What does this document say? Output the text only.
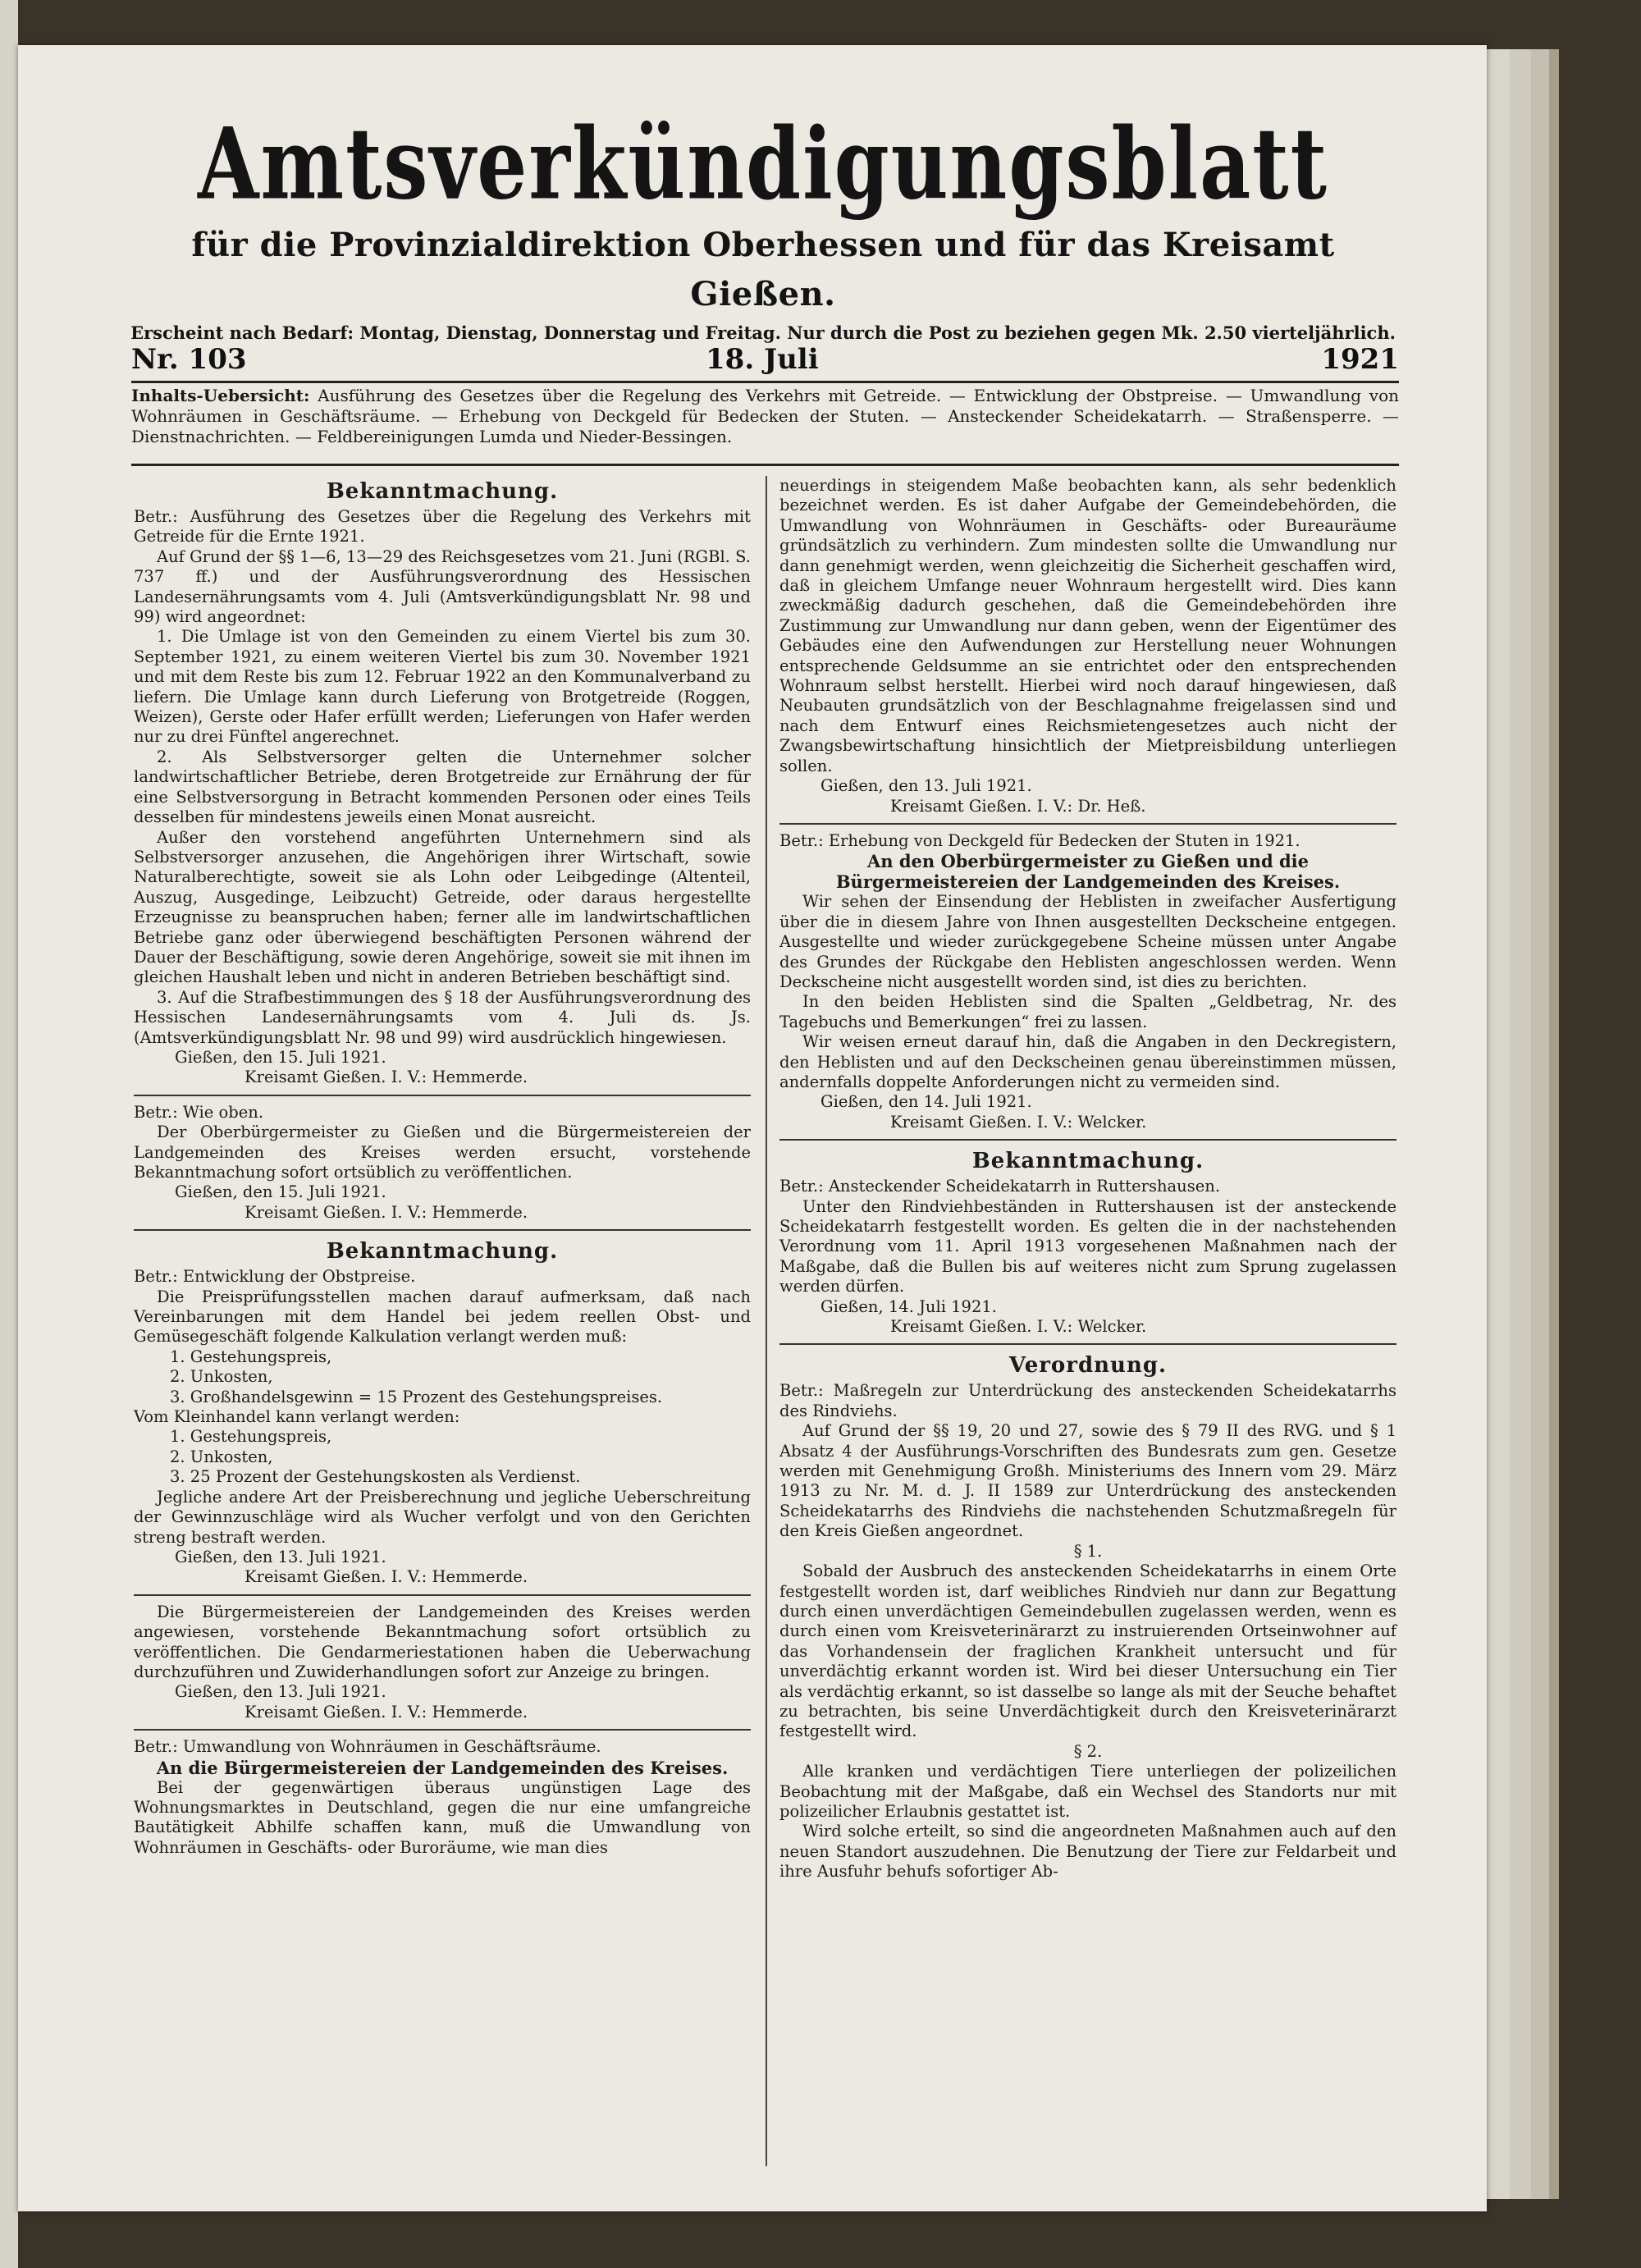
Amtsverkündigungsblatt
für die Provinzialdirektion Oberhessen und für das Kreisamt Gießen.
Erscheint nach Bedarf: Montag, Dienstag, Donnerstag und Freitag. Nur durch die Post zu beziehen gegen Mk. 2.50 vierteljährlich.
Nr. 103	18. Juli	1921
Inhalts-Uebersicht: Ausführung des Gesetzes über die Regelung des Verkehrs mit Getreide. — Entwicklung der Obstpreise. — Umwandlung von Wohnräumen in Geschäftsräume. — Erhebung von Deckgeld für Bedecken der Stuten. — Ansteckender Scheidekatarrh. — Straßensperre. — Dienstnachrichten. — Feldbereinigungen Lumda und Nieder-Bessingen.
Bekanntmachung.

Betr.: Ausführung des Gesetzes über die Regelung des Verkehrs mit Getreide für die Ernte 1921.

Auf Grund der §§ 1—6, 13—29 des Reichsgesetzes vom 21. Juni (RGBl. S. 737 ff.) und der Ausführungsverordnung des Hessischen Landesernährungsamts vom 4. Juli (Amtsverkündigungsblatt Nr. 98 und 99) wird angeordnet:

1. Die Umlage ist von den Gemeinden zu einem Viertel bis zum 30. September 1921, zu einem weiteren Viertel bis zum 30. November 1921 und mit dem Reste bis zum 12. Februar 1922 an den Kommunalverband zu liefern. Die Umlage kann durch Lieferung von Brotgetreide (Roggen, Weizen), Gerste oder Hafer erfüllt werden; Lieferungen von Hafer werden nur zu drei Fünftel angerechnet.

2. Als Selbstversorger gelten die Unternehmer solcher landwirtschaftlicher Betriebe, deren Brotgetreide zur Ernährung der für eine Selbstversorgung in Betracht kommenden Personen oder eines Teils desselben für mindestens jeweils einen Monat ausreicht.

Außer den vorstehend angeführten Unternehmern sind als Selbstversorger anzusehen, die Angehörigen ihrer Wirtschaft, sowie Naturalberechtigte, soweit sie als Lohn oder Leibgedinge (Altenteil, Auszug, Ausgedinge, Leibzucht) Getreide, oder daraus hergestellte Erzeugnisse zu beanspruchen haben; ferner alle im landwirtschaftlichen Betriebe ganz oder überwiegend beschäftigten Personen während der Dauer der Beschäftigung, sowie deren Angehörige, soweit sie mit ihnen im gleichen Haushalt leben und nicht in anderen Betrieben beschäftigt sind.

3. Auf die Strafbestimmungen des § 18 der Ausführungsverordnung des Hessischen Landesernährungsamts vom 4. Juli ds. Js. (Amtsverkündigungsblatt Nr. 98 und 99) wird ausdrücklich hingewiesen.

Gießen, den 15. Juli 1921.

Kreisamt Gießen. I. V.: Hemmerde.

Betr.: Wie oben.

Der Oberbürgermeister zu Gießen und die Bürgermeistereien der Landgemeinden des Kreises werden ersucht, vorstehende Bekanntmachung sofort ortsüblich zu veröffentlichen.

Gießen, den 15. Juli 1921.

Kreisamt Gießen. I. V.: Hemmerde.

Bekanntmachung.

Betr.: Entwicklung der Obstpreise.

Die Preisprüfungsstellen machen darauf aufmerksam, daß nach Vereinbarungen mit dem Handel bei jedem reellen Obst- und Gemüsegeschäft folgende Kalkulation verlangt werden muß:

1. Gestehungspreis,

2. Unkosten,

3. Großhandelsgewinn = 15 Prozent des Gestehungspreises.

Vom Kleinhandel kann verlangt werden:

1. Gestehungspreis,

2. Unkosten,

3. 25 Prozent der Gestehungskosten als Verdienst.

Jegliche andere Art der Preisberechnung und jegliche Ueberschreitung der Gewinnzuschläge wird als Wucher verfolgt und von den Gerichten streng bestraft werden.

Gießen, den 13. Juli 1921.

Kreisamt Gießen. I. V.: Hemmerde.

Die Bürgermeistereien der Landgemeinden des Kreises werden angewiesen, vorstehende Bekanntmachung sofort ortsüblich zu veröffentlichen. Die Gendarmeriestationen haben die Ueberwachung durchzuführen und Zuwiderhandlungen sofort zur Anzeige zu bringen.

Gießen, den 13. Juli 1921.

Kreisamt Gießen. I. V.: Hemmerde.

Betr.: Umwandlung von Wohnräumen in Geschäftsräume.

An die Bürgermeistereien der Landgemeinden des Kreises.

Bei der gegenwärtigen überaus ungünstigen Lage des Wohnungsmarktes in Deutschland, gegen die nur eine umfangreiche Bautätigkeit Abhilfe schaffen kann, muß die Umwandlung von Wohnräumen in Geschäfts- oder Buroräume, wie man dies

neuerdings in steigendem Maße beobachten kann, als sehr bedenklich bezeichnet werden. Es ist daher Aufgabe der Gemeindebehörden, die Umwandlung von Wohnräumen in Geschäfts- oder Bureauräume gründsätzlich zu verhindern. Zum mindesten sollte die Umwandlung nur dann genehmigt werden, wenn gleichzeitig die Sicherheit geschaffen wird, daß in gleichem Umfange neuer Wohnraum hergestellt wird. Dies kann zweckmäßig dadurch geschehen, daß die Gemeindebehörden ihre Zustimmung zur Umwandlung nur dann geben, wenn der Eigentümer des Gebäudes eine den Aufwendungen zur Herstellung neuer Wohnungen entsprechende Geldsumme an sie entrichtet oder den entsprechenden Wohnraum selbst herstellt. Hierbei wird noch darauf hingewiesen, daß Neubauten grundsätzlich von der Beschlagnahme freigelassen sind und nach dem Entwurf eines Reichsmietengesetzes auch nicht der Zwangsbewirtschaftung hinsichtlich der Mietpreisbildung unterliegen sollen.

Gießen, den 13. Juli 1921.

Kreisamt Gießen. I. V.: Dr. Heß.

Betr.: Erhebung von Deckgeld für Bedecken der Stuten in 1921.

An den Oberbürgermeister zu Gießen und die Bürgermeistereien der Landgemeinden des Kreises.

Wir sehen der Einsendung der Heblisten in zweifacher Ausfertigung über die in diesem Jahre von Ihnen ausgestellten Deckscheine entgegen. Ausgestellte und wieder zurückgegebene Scheine müssen unter Angabe des Grundes der Rückgabe den Heblisten angeschlossen werden. Wenn Deckscheine nicht ausgestellt worden sind, ist dies zu berichten.

In den beiden Heblisten sind die Spalten „Geldbetrag, Nr. des Tagebuchs und Bemerkungen“ frei zu lassen.

Wir weisen erneut darauf hin, daß die Angaben in den Deckregistern, den Heblisten und auf den Deckscheinen genau übereinstimmen müssen, andernfalls doppelte Anforderungen nicht zu vermeiden sind.

Gießen, den 14. Juli 1921.

Kreisamt Gießen. I. V.: Welcker.

Bekanntmachung.

Betr.: Ansteckender Scheidekatarrh in Ruttershausen.

Unter den Rindviehbeständen in Ruttershausen ist der ansteckende Scheidekatarrh festgestellt worden. Es gelten die in der nachstehenden Verordnung vom 11. April 1913 vorgesehenen Maßnahmen nach der Maßgabe, daß die Bullen bis auf weiteres nicht zum Sprung zugelassen werden dürfen.

Gießen, 14. Juli 1921.

Kreisamt Gießen. I. V.: Welcker.

Verordnung.

Betr.: Maßregeln zur Unterdrückung des ansteckenden Scheidekatarrhs des Rindviehs.

Auf Grund der §§ 19, 20 und 27, sowie des § 79 II des RVG. und § 1 Absatz 4 der Ausführungs-Vorschriften des Bundesrats zum gen. Gesetze werden mit Genehmigung Großh. Ministeriums des Innern vom 29. März 1913 zu Nr. M. d. J. II 1589 zur Unterdrückung des ansteckenden Scheidekatarrhs des Rindviehs die nachstehenden Schutzmaßregeln für den Kreis Gießen angeordnet.

§ 1.

Sobald der Ausbruch des ansteckenden Scheidekatarrhs in einem Orte festgestellt worden ist, darf weibliches Rindvieh nur dann zur Begattung durch einen unverdächtigen Gemeindebullen zugelassen werden, wenn es durch einen vom Kreisveterinärarzt zu instruierenden Ortseinwohner auf das Vorhandensein der fraglichen Krankheit untersucht und für unverdächtig erkannt worden ist. Wird bei dieser Untersuchung ein Tier als verdächtig erkannt, so ist dasselbe so lange als mit der Seuche behaftet zu betrachten, bis seine Unverdächtigkeit durch den Kreisveterinärarzt festgestellt wird.

§ 2.

Alle kranken und verdächtigen Tiere unterliegen der polizeilichen Beobachtung mit der Maßgabe, daß ein Wechsel des Standorts nur mit polizeilicher Erlaubnis gestattet ist.

Wird solche erteilt, so sind die angeordneten Maßnahmen auch auf den neuen Standort auszudehnen. Die Benutzung der Tiere zur Feldarbeit und ihre Ausfuhr behufs sofortiger Ab-
